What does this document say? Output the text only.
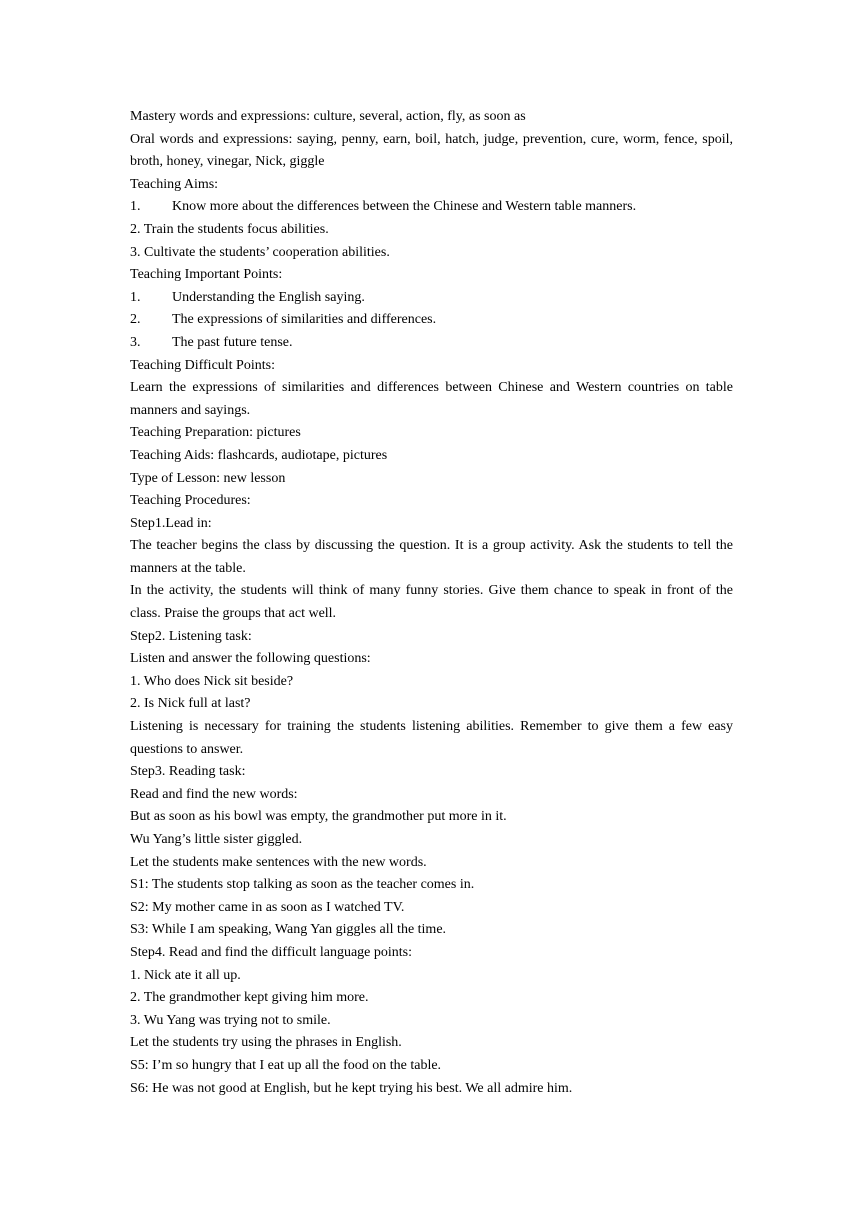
Mastery words and expressions: culture, several, action, fly, as soon as
Oral words and expressions: saying, penny, earn, boil, hatch, judge, prevention, cure, worm, fence, spoil, broth, honey, vinegar, Nick, giggle
Teaching Aims:
1.	Know more about the differences between the Chinese and Western table manners.
2. Train the students focus abilities.
3. Cultivate the students’ cooperation abilities.
Teaching Important Points:
1.	Understanding the English saying.
2.	The expressions of similarities and differences.
3.	The past future tense.
Teaching Difficult Points:
Learn the expressions of similarities and differences between Chinese and Western countries on table manners and sayings.
Teaching Preparation: pictures
Teaching Aids: flashcards, audiotape, pictures
Type of Lesson: new lesson
Teaching Procedures:
Step1.Lead in:
The teacher begins the class by discussing the question. It is a group activity. Ask the students to tell the manners at the table.
In the activity, the students will think of many funny stories. Give them chance to speak in front of the class. Praise the groups that act well.
Step2. Listening task:
Listen and answer the following questions:
1. Who does Nick sit beside?
2. Is Nick full at last?
Listening is necessary for training the students listening abilities. Remember to give them a few easy questions to answer.
Step3. Reading task:
Read and find the new words:
But as soon as his bowl was empty, the grandmother put more in it.
Wu Yang’s little sister giggled.
Let the students make sentences with the new words.
S1: The students stop talking as soon as the teacher comes in.
S2: My mother came in as soon as I watched TV.
S3: While I am speaking, Wang Yan giggles all the time.
Step4. Read and find the difficult language points:
1. Nick ate it all up.
2. The grandmother kept giving him more.
3. Wu Yang was trying not to smile.
Let the students try using the phrases in English.
S5: I’m so hungry that I eat up all the food on the table.
S6: He was not good at English, but he kept trying his best. We all admire him.
